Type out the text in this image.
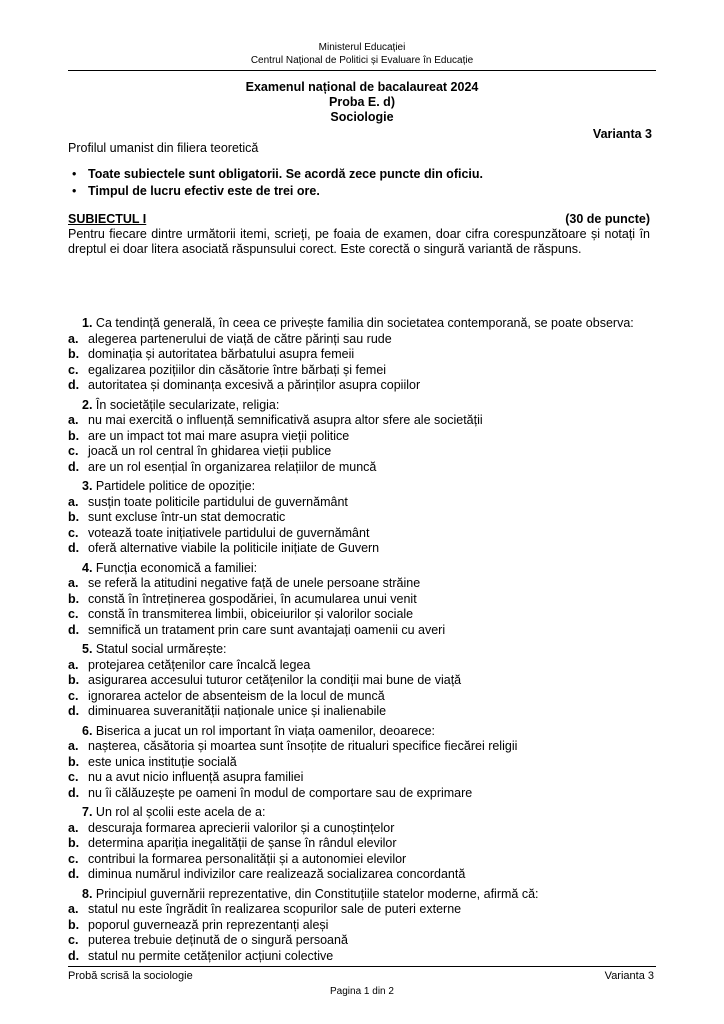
Ministerul Educației
Centrul Național de Politici și Evaluare în Educație
Examenul național de bacalaureat 2024
Proba E. d)
Sociologie
Varianta 3
Profilul umanist din filiera teoretică
• Toate subiectele sunt obligatorii. Se acordă zece puncte din oficiu.
• Timpul de lucru efectiv este de trei ore.
SUBIECTUL I	(30 de puncte)
Pentru fiecare dintre următorii itemi, scrieți, pe foaia de examen, doar cifra corespunzătoare și notați în dreptul ei doar litera asociată răspunsului corect. Este corectă o singură variantă de răspuns.
1. Ca tendință generală, în ceea ce privește familia din societatea contemporană, se poate observa:
a. alegerea partenerului de viață de către părinți sau rude
b. dominația și autoritatea bărbatului asupra femeii
c. egalizarea pozițiilor din căsătorie între bărbați și femei
d. autoritatea și dominanța excesivă a părinților asupra copiilor
2. În societățile secularizate, religia:
a. nu mai exercită o influență semnificativă asupra altor sfere ale societății
b. are un impact tot mai mare asupra vieții politice
c. joacă un rol central în ghidarea vieții publice
d. are un rol esențial în organizarea relațiilor de muncă
3. Partidele politice de opoziție:
a. susțin toate politicile partidului de guvernământ
b. sunt excluse într-un stat democratic
c. votează toate inițiativele partidului de guvernământ
d. oferă alternative viabile la politicile inițiate de Guvern
4. Funcția economică a familiei:
a. se referă la atitudini negative față de unele persoane străine
b. constă în întreținerea gospodăriei, în acumularea unui venit
c. constă în transmiterea limbii, obiceiurilor și valorilor sociale
d. semnifică un tratament prin care sunt avantajați oamenii cu averi
5. Statul social urmărește:
a. protejarea cetățenilor care încalcă legea
b. asigurarea accesului tuturor cetățenilor la condiții mai bune de viață
c. ignorarea actelor de absenteism de la locul de muncă
d. diminuarea suveranității naționale unice și inalienabile
6. Biserica a jucat un rol important în viața oamenilor, deoarece:
a. nașterea, căsătoria și moartea sunt însoțite de ritualuri specifice fiecărei religii
b. este unica instituție socială
c. nu a avut nicio influență asupra familiei
d. nu îi călăuzește pe oameni în modul de comportare sau de exprimare
7. Un rol al școlii este acela de a:
a. descuraja formarea aprecierii valorilor și a cunoștințelor
b. determina apariția inegalității de șanse în rândul elevilor
c. contribui la formarea personalității și a autonomiei elevilor
d. diminua numărul indivizilor care realizează socializarea concordantă
8. Principiul guvernării reprezentative, din Constituțiile statelor moderne, afirmă că:
a. statul nu este îngrădit în realizarea scopurilor sale de puteri externe
b. poporul guvernează prin reprezentanți aleși
c. puterea trebuie deținută de o singură persoană
d. statul nu permite cetățenilor acțiuni colective
Probă scrisă la sociologie	Varianta 3
Pagina 1 din 2
